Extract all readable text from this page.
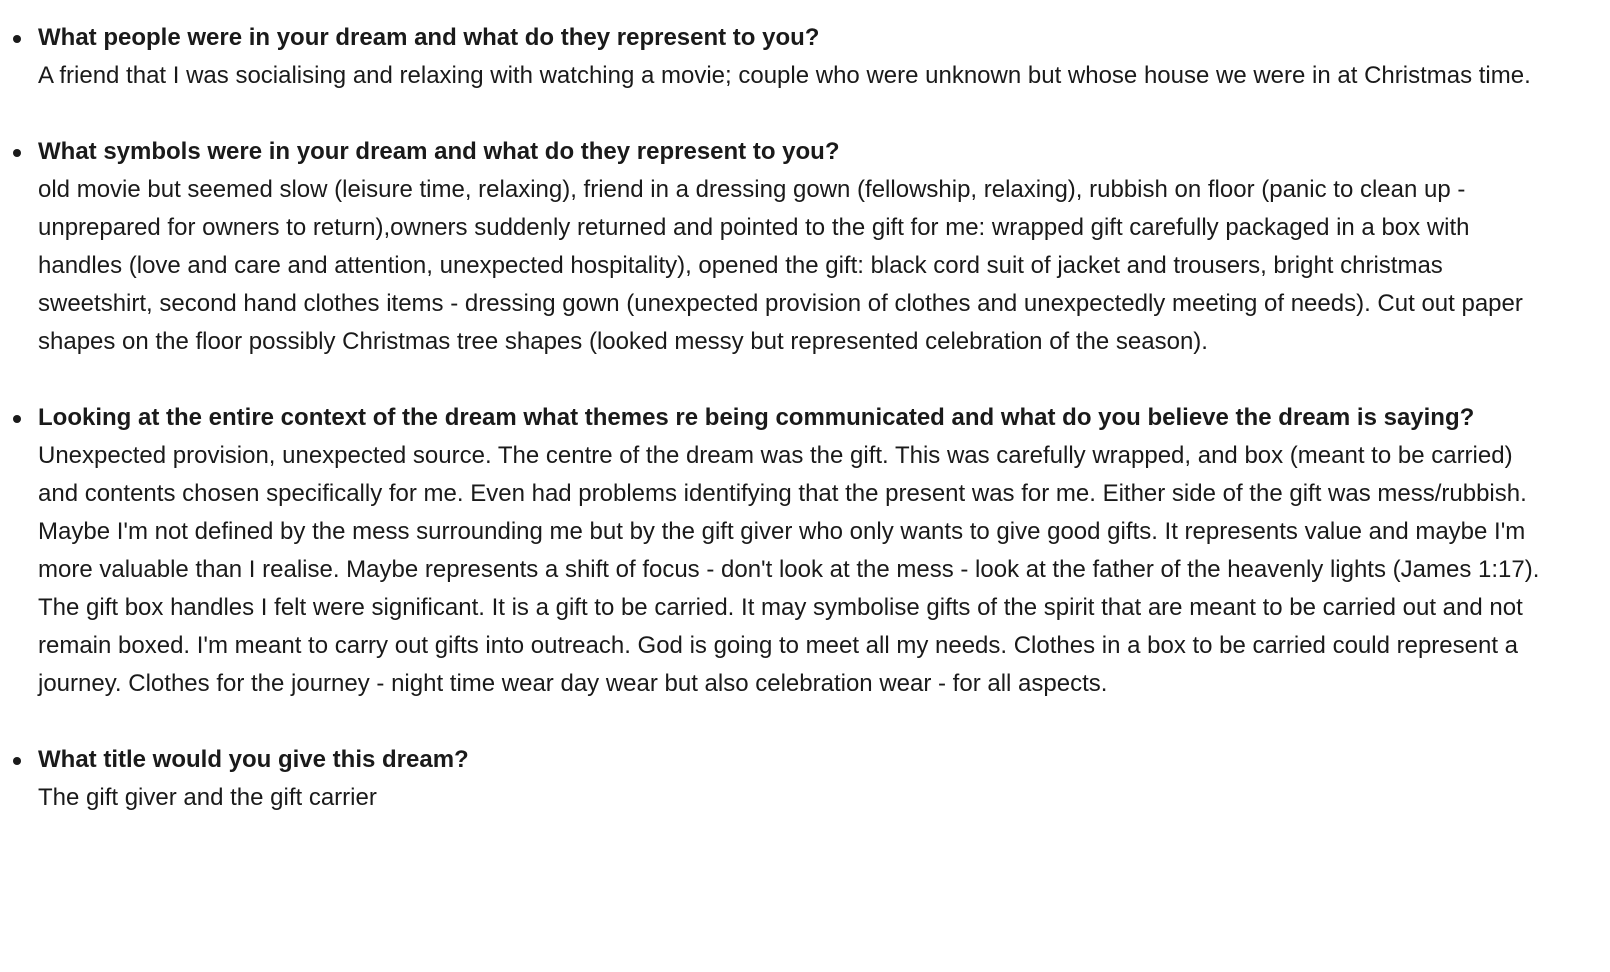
What people were in your dream and what do they represent to you?
A friend that I was socialising and relaxing with watching a movie; couple who were unknown but whose house we were in at Christmas time.
What symbols were in your dream and what do they represent to you?
old movie but seemed slow (leisure time, relaxing), friend in a dressing gown (fellowship, relaxing), rubbish on floor (panic to clean up - unprepared for owners to return),owners suddenly returned and pointed to the gift for me: wrapped gift carefully packaged in a box with handles (love and care and attention, unexpected hospitality), opened the gift: black cord suit of jacket and trousers, bright christmas sweetshirt, second hand clothes items - dressing gown (unexpected provision of clothes and unexpectedly meeting of needs). Cut out paper shapes on the floor possibly Christmas tree shapes (looked messy but represented celebration of the season).
Looking at the entire context of the dream what themes re being communicated and what do you believe the dream is saying?
Unexpected provision, unexpected source. The centre of the dream was the gift. This was carefully wrapped, and box (meant to be carried) and contents chosen specifically for me. Even had problems identifying that the present was for me. Either side of the gift was mess/rubbish. Maybe I'm not defined by the mess surrounding me but by the gift giver who only wants to give good gifts. It represents value and maybe I'm more valuable than I realise. Maybe represents a shift of focus - don't look at the mess - look at the father of the heavenly lights (James 1:17). The gift box handles I felt were significant. It is a gift to be carried. It may symbolise gifts of the spirit that are meant to be carried out and not remain boxed. I'm meant to carry out gifts into outreach. God is going to meet all my needs. Clothes in a box to be carried could represent a journey. Clothes for the journey - night time wear day wear but also celebration wear - for all aspects.
What title would you give this dream?
The gift giver and the gift carrier
